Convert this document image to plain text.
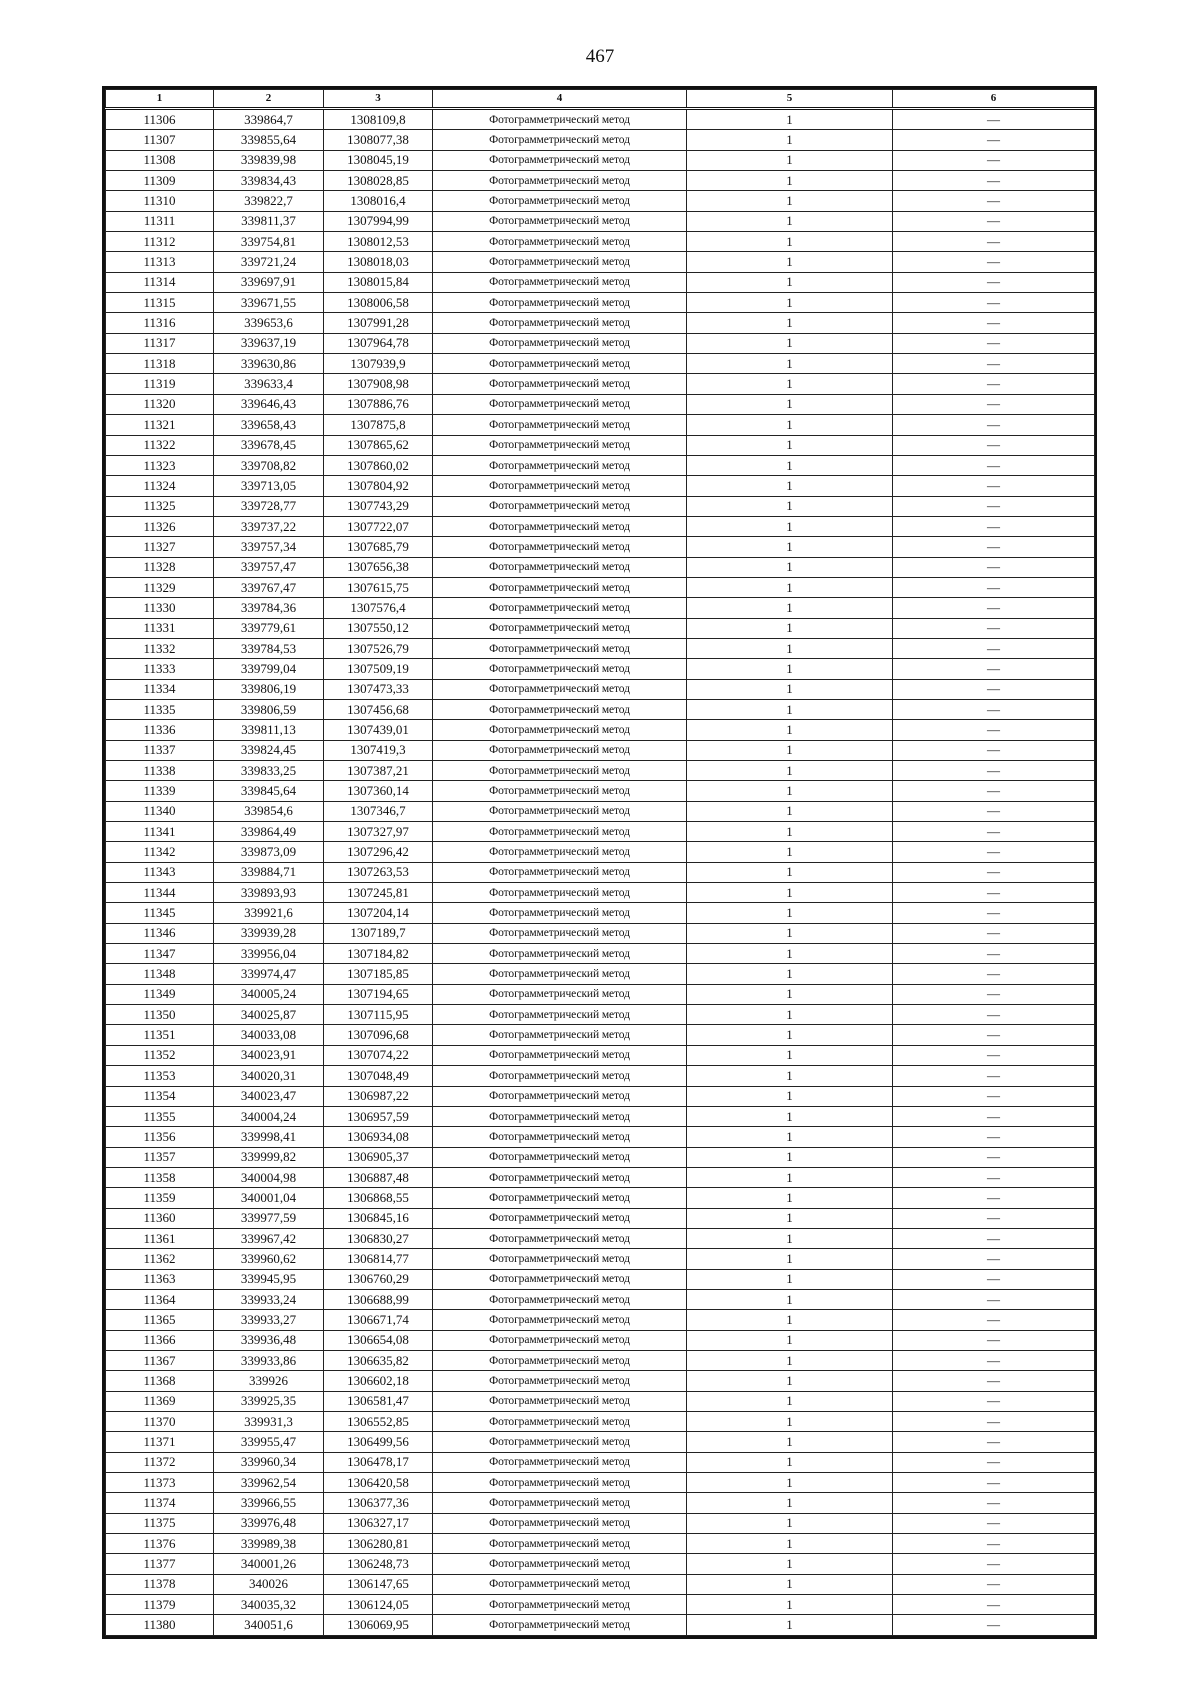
467
1	2	3	4	5	6
11306	339864,7	1308109,8	Фотограмметрический метод	1	—
11307	339855,64	1308077,38	Фотограмметрический метод	1	—
11308	339839,98	1308045,19	Фотограмметрический метод	1	—
11309	339834,43	1308028,85	Фотограмметрический метод	1	—
11310	339822,7	1308016,4	Фотограмметрический метод	1	—
11311	339811,37	1307994,99	Фотограмметрический метод	1	—
11312	339754,81	1308012,53	Фотограмметрический метод	1	—
11313	339721,24	1308018,03	Фотограмметрический метод	1	—
11314	339697,91	1308015,84	Фотограмметрический метод	1	—
11315	339671,55	1308006,58	Фотограмметрический метод	1	—
11316	339653,6	1307991,28	Фотограмметрический метод	1	—
11317	339637,19	1307964,78	Фотограмметрический метод	1	—
11318	339630,86	1307939,9	Фотограмметрический метод	1	—
11319	339633,4	1307908,98	Фотограмметрический метод	1	—
11320	339646,43	1307886,76	Фотограмметрический метод	1	—
11321	339658,43	1307875,8	Фотограмметрический метод	1	—
11322	339678,45	1307865,62	Фотограмметрический метод	1	—
11323	339708,82	1307860,02	Фотограмметрический метод	1	—
11324	339713,05	1307804,92	Фотограмметрический метод	1	—
11325	339728,77	1307743,29	Фотограмметрический метод	1	—
11326	339737,22	1307722,07	Фотограмметрический метод	1	—
11327	339757,34	1307685,79	Фотограмметрический метод	1	—
11328	339757,47	1307656,38	Фотограмметрический метод	1	—
11329	339767,47	1307615,75	Фотограмметрический метод	1	—
11330	339784,36	1307576,4	Фотограмметрический метод	1	—
11331	339779,61	1307550,12	Фотограмметрический метод	1	—
11332	339784,53	1307526,79	Фотограмметрический метод	1	—
11333	339799,04	1307509,19	Фотограмметрический метод	1	—
11334	339806,19	1307473,33	Фотограмметрический метод	1	—
11335	339806,59	1307456,68	Фотограмметрический метод	1	—
11336	339811,13	1307439,01	Фотограмметрический метод	1	—
11337	339824,45	1307419,3	Фотограмметрический метод	1	—
11338	339833,25	1307387,21	Фотограмметрический метод	1	—
11339	339845,64	1307360,14	Фотограмметрический метод	1	—
11340	339854,6	1307346,7	Фотограмметрический метод	1	—
11341	339864,49	1307327,97	Фотограмметрический метод	1	—
11342	339873,09	1307296,42	Фотограмметрический метод	1	—
11343	339884,71	1307263,53	Фотограмметрический метод	1	—
11344	339893,93	1307245,81	Фотограмметрический метод	1	—
11345	339921,6	1307204,14	Фотограмметрический метод	1	—
11346	339939,28	1307189,7	Фотограмметрический метод	1	—
11347	339956,04	1307184,82	Фотограмметрический метод	1	—
11348	339974,47	1307185,85	Фотограмметрический метод	1	—
11349	340005,24	1307194,65	Фотограмметрический метод	1	—
11350	340025,87	1307115,95	Фотограмметрический метод	1	—
11351	340033,08	1307096,68	Фотограмметрический метод	1	—
11352	340023,91	1307074,22	Фотограмметрический метод	1	—
11353	340020,31	1307048,49	Фотограмметрический метод	1	—
11354	340023,47	1306987,22	Фотограмметрический метод	1	—
11355	340004,24	1306957,59	Фотограмметрический метод	1	—
11356	339998,41	1306934,08	Фотограмметрический метод	1	—
11357	339999,82	1306905,37	Фотограмметрический метод	1	—
11358	340004,98	1306887,48	Фотограмметрический метод	1	—
11359	340001,04	1306868,55	Фотограмметрический метод	1	—
11360	339977,59	1306845,16	Фотограмметрический метод	1	—
11361	339967,42	1306830,27	Фотограмметрический метод	1	—
11362	339960,62	1306814,77	Фотограмметрический метод	1	—
11363	339945,95	1306760,29	Фотограмметрический метод	1	—
11364	339933,24	1306688,99	Фотограмметрический метод	1	—
11365	339933,27	1306671,74	Фотограмметрический метод	1	—
11366	339936,48	1306654,08	Фотограмметрический метод	1	—
11367	339933,86	1306635,82	Фотограмметрический метод	1	—
11368	339926	1306602,18	Фотограмметрический метод	1	—
11369	339925,35	1306581,47	Фотограмметрический метод	1	—
11370	339931,3	1306552,85	Фотограмметрический метод	1	—
11371	339955,47	1306499,56	Фотограмметрический метод	1	—
11372	339960,34	1306478,17	Фотограмметрический метод	1	—
11373	339962,54	1306420,58	Фотограмметрический метод	1	—
11374	339966,55	1306377,36	Фотограмметрический метод	1	—
11375	339976,48	1306327,17	Фотограмметрический метод	1	—
11376	339989,38	1306280,81	Фотограмметрический метод	1	—
11377	340001,26	1306248,73	Фотограмметрический метод	1	—
11378	340026	1306147,65	Фотограмметрический метод	1	—
11379	340035,32	1306124,05	Фотограмметрический метод	1	—
11380	340051,6	1306069,95	Фотограмметрический метод	1	—
